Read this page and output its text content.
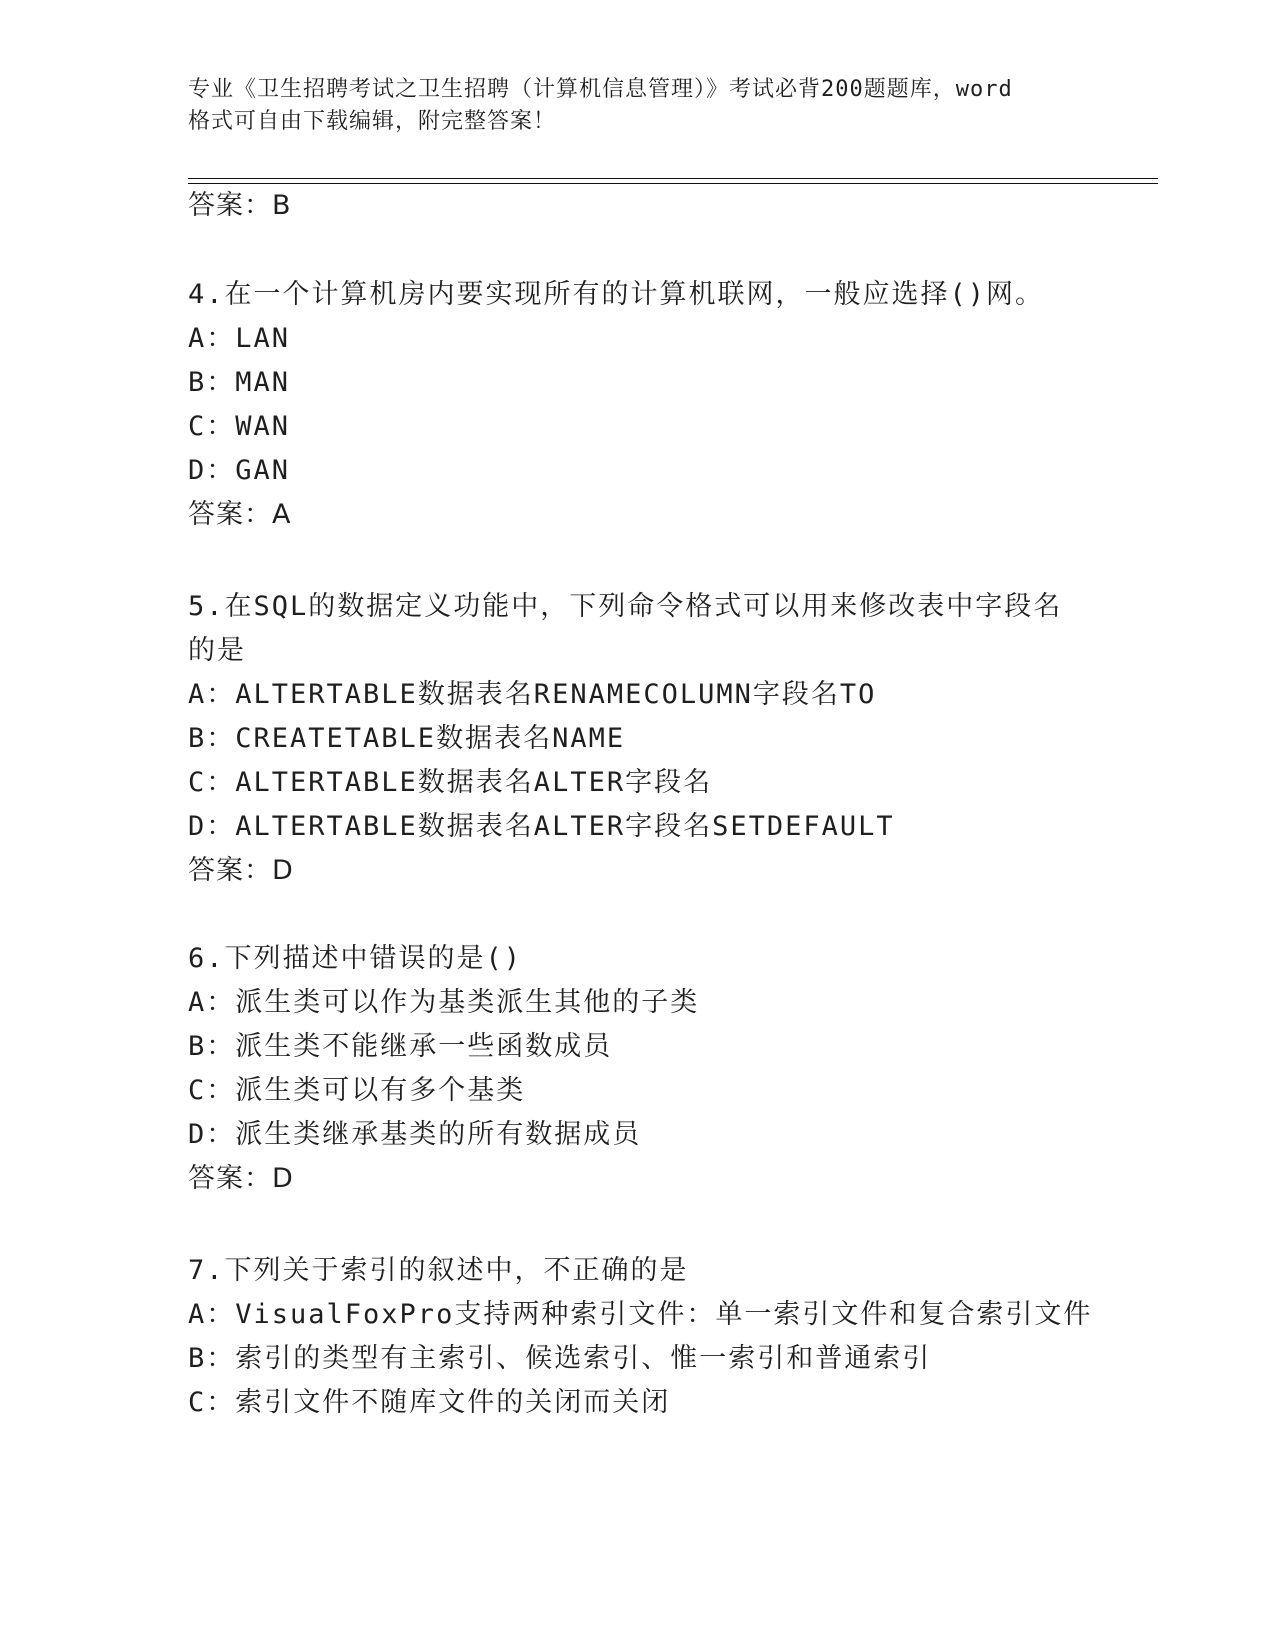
专业《卫生招聘考试之卫生招聘（计算机信息管理）》考试必背200题题库，word
格式可自由下载编辑，附完整答案！
答案：B
4.在一个计算机房内要实现所有的计算机联网，一般应选择()网。
A：LAN
B：MAN
C：WAN
D：GAN
答案：A
5.在SQL的数据定义功能中，下列命令格式可以用来修改表中字段名
的是
A：ALTERTABLE数据表名RENAMECOLUMN字段名TO
B：CREATETABLE数据表名NAME
C：ALTERTABLE数据表名ALTER字段名
D：ALTERTABLE数据表名ALTER字段名SETDEFAULT
答案：D
6.下列描述中错误的是()
A：派生类可以作为基类派生其他的子类
B：派生类不能继承一些函数成员
C：派生类可以有多个基类
D：派生类继承基类的所有数据成员
答案：D
7.下列关于索引的叙述中，不正确的是
A：VisualFoxPro支持两种索引文件：单一索引文件和复合索引文件
B：索引的类型有主索引、候选索引、惟一索引和普通索引
C：索引文件不随库文件的关闭而关闭
